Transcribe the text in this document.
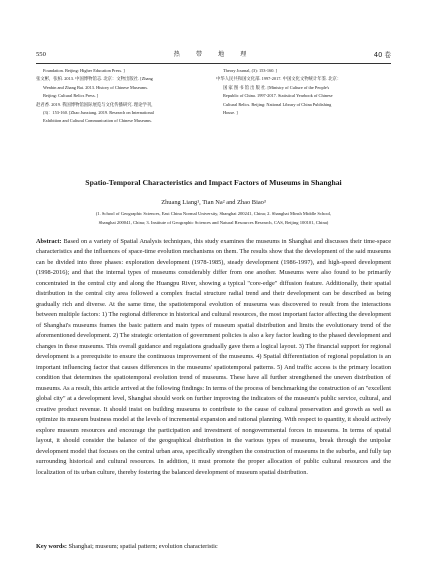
550	热 带 地 理	40 卷
Foundation. Beijing: Higher Education Press. ]
张文彬，张柏. 2013. 中国博物馆志. 北京：文物出版社. [Zhang
Wenbin and Zhang Bai. 2013. History of Chinese Museums.
Beijing: Cultural Relics Press. ]
赵君香. 2019. 我国博物馆国际展览与文化传播研究. 理论学刊，
(3)：153-160. [Zhao Junxiang. 2019. Research on International
Exhibition and Cultural Communication of Chinese Museums.
Theory Journal, (3): 153-160. ]
中华人民共和国文化部. 1997-2017. 中国文化文物统计年鉴. 北京：
国 家 图 书 馆 出 版 社. [Ministry of Culture of the People's
Republic of China. 1997-2017. Statistical Yearbook of Chinese
Cultural Relics. Beijing: National Library of China Publishing
House. ]
Spatio-Temporal Characteristics and Impact Factors of Museums in Shanghai
Zhuang Liang¹, Tian Na² and Zhao Biao³
(1. School of Geographic Sciences, East China Normal University, Shanghai 200241, China; 2. Shanghai Minsh Middle School,
Shanghai 200041, China; 3. Institute of Geographic Sciences and Natural Resources Research, CAS, Beijing 100101, China)
Abstract: Based on a variety of Spatial Analysis techniques, this study examines the museums in Shanghai and discusses their time-space characteristics and the influences of space-time evolution mechanisms on them. The results show that the development of the said museums can be divided into three phases: exploration development (1978-1985), steady development (1986-1997), and high-speed development (1998-2016); and that the internal types of museums considerably differ from one another. Museums were also found to be primarily concentrated in the central city and along the Huangpu River, showing a typical "core-edge" diffusion feature. Additionally, their spatial distribution in the central city area followed a complex fractal structure radial trend and their development can be described as being gradually rich and diverse. At the same time, the spatiotemporal evolution of museums was discovered to result from the interactions between multiple factors: 1) The regional difference in historical and cultural resources, the most important factor affecting the development of Shanghai's museums frames the basic pattern and main types of museum spatial distribution and limits the evolutionary trend of the aforementioned development. 2) The strategic orientation of government policies is also a key factor leading to the phased development and changes in these museums. This overall guidance and regulations gradually gave them a logical layout. 3) The financial support for regional development is a prerequisite to ensure the continuous improvement of the museums. 4) Spatial differentiation of regional population is an important influencing factor that causes differences in the museums' spatiotemporal patterns. 5) And traffic access is the primary location condition that determines the spatiotemporal evolution trend of museums. These have all further strengthened the uneven distribution of museums. As a result, this article arrived at the following findings: In terms of the process of benchmarking the construction of an "excellent global city" at a development level, Shanghai should work on further improving the indicators of the museum's public service, cultural, and creative product revenue. It should insist on building museums to contribute to the cause of cultural preservation and growth as well as optimize its museum business model at the levels of incremental expansion and rational planning. With respect to quantity, it should actively explore museum resources and encourage the participation and investment of nongovernmental forces in museums. In terms of spatial layout, it should consider the balance of the geographical distribution in the various types of museums, break through the unipolar development model that focuses on the central urban area, specifically strengthen the construction of museums in the suburbs, and fully tap surrounding historical and cultural resources. In addition, it must promote the proper allocation of public cultural resources and the localization of its urban culture, thereby fostering the balanced development of museum spatial distribution.
Key words: Shanghai; museum; spatial pattern; evolution characteristic
